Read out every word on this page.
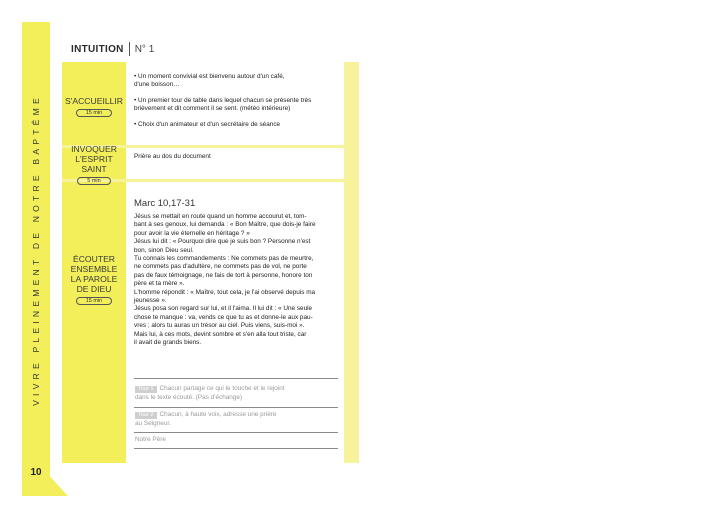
VIVRE PLEINEMENT DE NOTRE BAPTÊME
10
INTUITION N° 1
S'ACCUEILLIR
15 min

• Un moment convivial est bienvenu autour d'un café,

d'une boisson…

• Un premier tour de table dans lequel chacun se présente très

brièvement et dit comment il se sent. (météo intérieure)

• Choix d'un animateur et d'un secrétaire de séance

INVOQUER
L'ESPRIT SAINT
5 min
Prière au dos du document
ÉCOUTER
ENSEMBLE
LA PAROLE
DE DIEU
15 min
Marc 10,17-31

Jésus se mettait en route quand un homme accourut et, tom-

bant à ses genoux, lui demanda : « Bon Maître, que dois-je faire

pour avoir la vie éternelle en héritage ? »

Jésus lui dit : « Pourquoi dire que je suis bon ? Personne n'est

bon, sinon Dieu seul.

Tu connais les commandements : Ne commets pas de meurtre,

ne commets pas d'adultère, ne commets pas de vol, ne porte

pas de faux témoignage, ne fais de tort à personne, honore ton

père et ta mère ».

L'homme répondit : « Maître, tout cela, je l'ai observé depuis ma

jeunesse ».

Jésus posa son regard sur lui, et il l'aima. Il lui dit : « Une seule

chose te manque : va, vends ce que tu as et donne-le aux pau-

vres ; alors tu auras un trésor au ciel. Puis viens, suis-moi ».

Mais lui, à ces mots, devint sombre et s'en alla tout triste, car

il avait de grands biens.

Tour 1 Chacun partage ce qui le touche et le rejoint
dans le texte écouté. (Pas d'échange)
Tour 2 Chacun, à haute voix, adresse une prière
au Seigneur.
Notre Père
